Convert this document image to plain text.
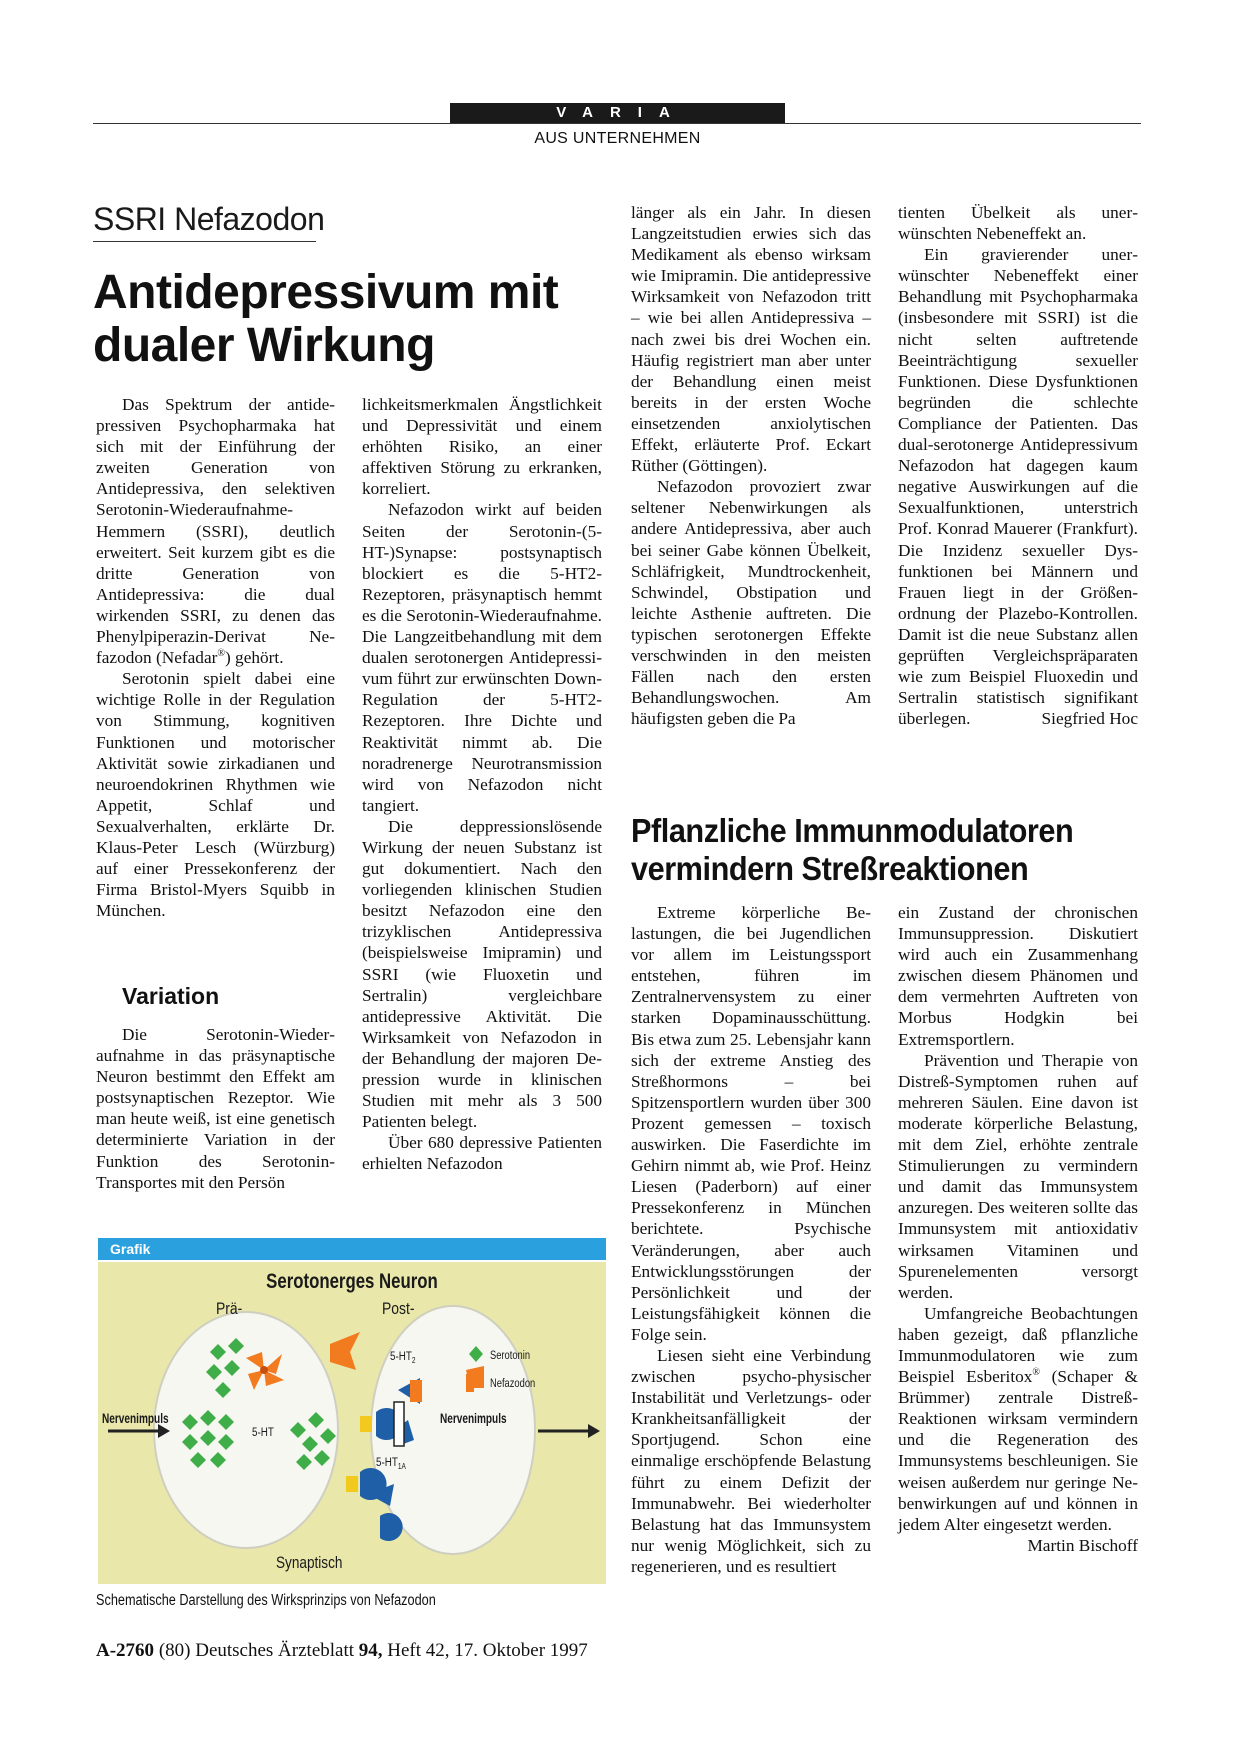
VARIA
AUS UNTERNEHMEN
SSRI Nefazodon
Antidepressivum mit dualer Wirkung

Das Spektrum der antidepressiven Psychopharmaka hat sich mit der Einführung der zweiten Generation von Antidepressiva, den selektiven Serotonin-Wiederaufnahme-Hemmern (SSRI), deutlich erweitert. Seit kurzem gibt es die dritte Generation von Antidepressiva: die dual wirkenden SSRI, zu denen das Phenylpiperazin-Derivat Nefazodon (Nefadar®) gehört.

Serotonin spielt dabei eine wichtige Rolle in der Regulation von Stimmung, kognitiven Funktionen und motorischer Aktivität sowie zirkadianen und neuroendokrinen Rhythmen wie Appetit, Schlaf und Sexualverhalten, erklärte Dr. Klaus-Peter Lesch (Würzburg) auf einer Pressekonferenz der Firma Bristol-Myers Squibb in München.

Variation

Die Serotonin-Wiederaufnahme in das präsynaptische Neuron bestimmt den Effekt am postsynaptischen Rezeptor. Wie man heute weiß, ist eine genetisch determinierte Variation in der Funktion des Serotonin-Transportes mit den Persön

lichkeitsmerkmalen Ängstlichkeit und Depressivität und einem erhöhten Risiko, an einer affektiven Störung zu erkranken, korreliert.

Nefazodon wirkt auf beiden Seiten der Serotonin-(5-HT-)Synapse: postsynaptisch blockiert es die 5-HT2-Rezeptoren, präsynaptisch hemmt es die Serotonin-Wiederaufnahme. Die Langzeitbehandlung mit dem dualen serotonergen Antidepressivum führt zur erwünschten Down-Regulation der 5-HT2-Rezeptoren. Ihre Dichte und Reaktivität nimmt ab. Die noradrenerge Neurotransmission wird von Nefazodon nicht tangiert.

Die deppressionslösende Wirkung der neuen Substanz ist gut dokumentiert. Nach den vorliegenden klinischen Studien besitzt Nefazodon eine den trizyklischen Antidepressiva (beispielsweise Imipramin) und SSRI (wie Fluoxetin und Sertralin) vergleichbare antidepressive Aktivität. Die Wirksamkeit von Nefazodon in der Behandlung der majoren Depression wurde in klinischen Studien mit mehr als 3 500 Patienten belegt.

Über 680 depressive Patienten erhielten Nefazodon

länger als ein Jahr. In diesen Langzeitstudien erwies sich das Medikament als ebenso wirksam wie Imipramin. Die antidepressive Wirksamkeit von Nefazodon tritt – wie bei allen Antidepressiva – nach zwei bis drei Wochen ein. Häufig registriert man aber unter der Behandlung einen meist bereits in der ersten Woche einsetzenden anxiolytischen Effekt, erläuterte Prof. Eckart Rüther (Göttingen).

Nefazodon provoziert zwar seltener Nebenwirkungen als andere Antidepressiva, aber auch bei seiner Gabe können Übelkeit, Schläfrigkeit, Mundtrockenheit, Schwindel, Obstipation und leichte Asthenie auftreten. Die typischen serotonergen Effekte verschwinden in den meisten Fällen nach den ersten Behandlungswochen. Am häufigsten geben die Pa

tienten Übelkeit als unerwünschten Nebeneffekt an.

Ein gravierender unerwünschter Nebeneffekt einer Behandlung mit Psychopharmaka (insbesondere mit SSRI) ist die nicht selten auftretende Beeinträchtigung sexueller Funktionen. Diese Dysfunktionen begründen die schlechte Compliance der Patienten. Das dual-serotonerge Antidepressivum Nefazodon hat dagegen kaum negative Auswirkungen auf die Sexualfunktionen, unterstrich Prof. Konrad Mauerer (Frankfurt). Die Inzidenz sexueller Dysfunktionen bei Männern und Frauen liegt in der Größenordnung der Plazebo-Kontrollen. Damit ist die neue Substanz allen geprüften Vergleichspräparaten wie zum Beispiel Fluoxedin und Sertralin statistisch signifikant überlegen.	Siegfried Hoc

Grafik
Serotonerges Neuron
Prä-	Post-
Nervenimpuls	Nervenimpuls
5-HT
$5-HT_2$
$5-HT_{1A}$
Serotonin
Nefazodon
Synaptisch
Schematische Darstellung des Wirksprinzips von Nefazodon
Pflanzliche Immunmodulatoren vermindern Streßreaktionen

Extreme körperliche Belastungen, die bei Jugendlichen vor allem im Leistungssport entstehen, führen im Zentralnervensystem zu einer starken Dopaminausschüttung. Bis etwa zum 25. Lebensjahr kann sich der extreme Anstieg des Streßhormons – bei Spitzensportlern wurden über 300 Prozent gemessen – toxisch auswirken. Die Faserdichte im Gehirn nimmt ab, wie Prof. Heinz Liesen (Paderborn) auf einer Pressekonferenz in München berichtete. Psychische Veränderungen, aber auch Entwicklungsstörungen der Persönlichkeit und der Leistungsfähigkeit können die Folge sein.

Liesen sieht eine Verbindung zwischen psycho-physischer Instabilität und Verletzungs- oder Krankheitsanfälligkeit der Sportjugend. Schon eine einmalige erschöpfende Belastung führt zu einem Defizit der Immunabwehr. Bei wiederholter Belastung hat das Immunsystem nur wenig Möglichkeit, sich zu regenerieren, und es resultiert

ein Zustand der chronischen Immunsuppression. Diskutiert wird auch ein Zusammenhang zwischen diesem Phänomen und dem vermehrten Auftreten von Morbus Hodgkin bei Extremsportlern.

Prävention und Therapie von Distreß-Symptomen ruhen auf mehreren Säulen. Eine davon ist moderate körperliche Belastung, mit dem Ziel, erhöhte zentrale Stimulierungen zu vermindern und damit das Immunsystem anzuregen. Des weiteren sollte das Immunsystem mit antioxidativ wirksamen Vitaminen und Spurenelementen versorgt werden.

Umfangreiche Beobachtungen haben gezeigt, daß pflanzliche Immunmodulatoren wie zum Beispiel Esberitox® (Schaper & Brümmer) zentrale Distreß-Reaktionen wirksam vermindern und die Regeneration des Immunsystems beschleunigen. Sie weisen außerdem nur geringe Nebenwirkungen auf und können in jedem Alter eingesetzt werden.
Martin Bischoff

A-2760 (80) Deutsches Ärzteblatt 94, Heft 42, 17. Oktober 1997
